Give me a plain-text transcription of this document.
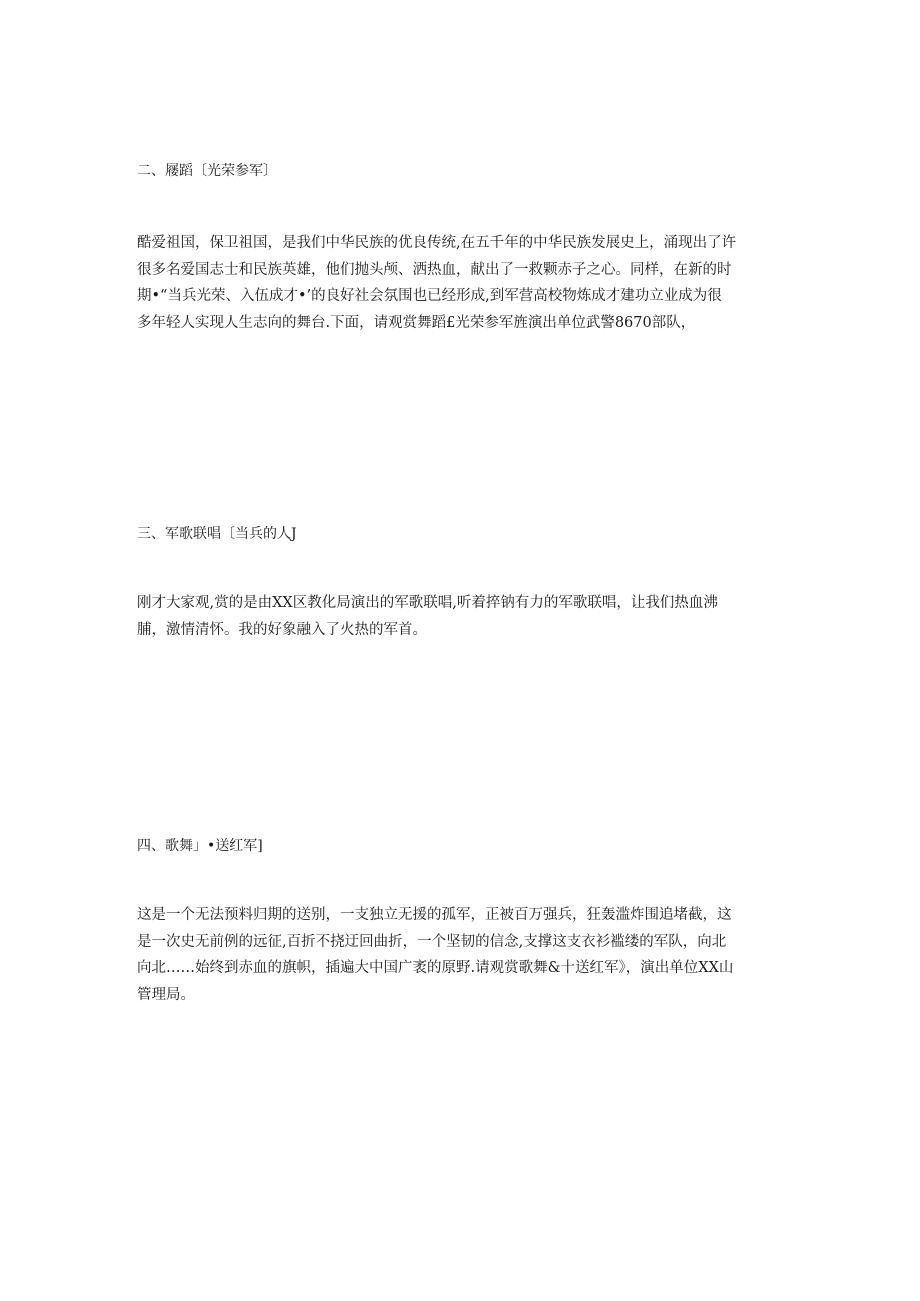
二、屦蹈〔光荣参军〕
酷爱祖国，保卫祖国，是我们中华民族的优良传统,在五千年的中华民族发展史上，涌现出了许
很多名爱国志士和民族英雄，他们抛头颅、洒热血，献出了一救颗赤子之心。同样，在新的时
期•“当兵光荣、入伍成才•’的良好社会氛围也已经形成,到军营高校物炼成才建功立业成为很
多年轻人实现人生志向的舞台.下面，请观赏舞蹈£光荣参军旌演出单位武警8670部队，
三、军歌联唱〔当兵的人J
刚才大家观,赏的是由XX区教化局演出的军歌联唱,听着捽钠有力的军歌联唱，让我们热血沸
脯，激情清怀。我的好象融入了火热的军首。
四、歌舞」•送红军]
这是一个无法预料归期的送别，一支独立无援的孤军，正被百万强兵，狂轰滥炸围追堵截，这
是一次史无前例的远征,百折不挠迂回曲折，一个坚韧的信念,支撑这支衣衫褴缕的军队，向北
向北……始终到赤血的旗帜，插遍大中国广袤的原野.请观赏歌舞&十送红军》，演出单位XX山
管理局。
